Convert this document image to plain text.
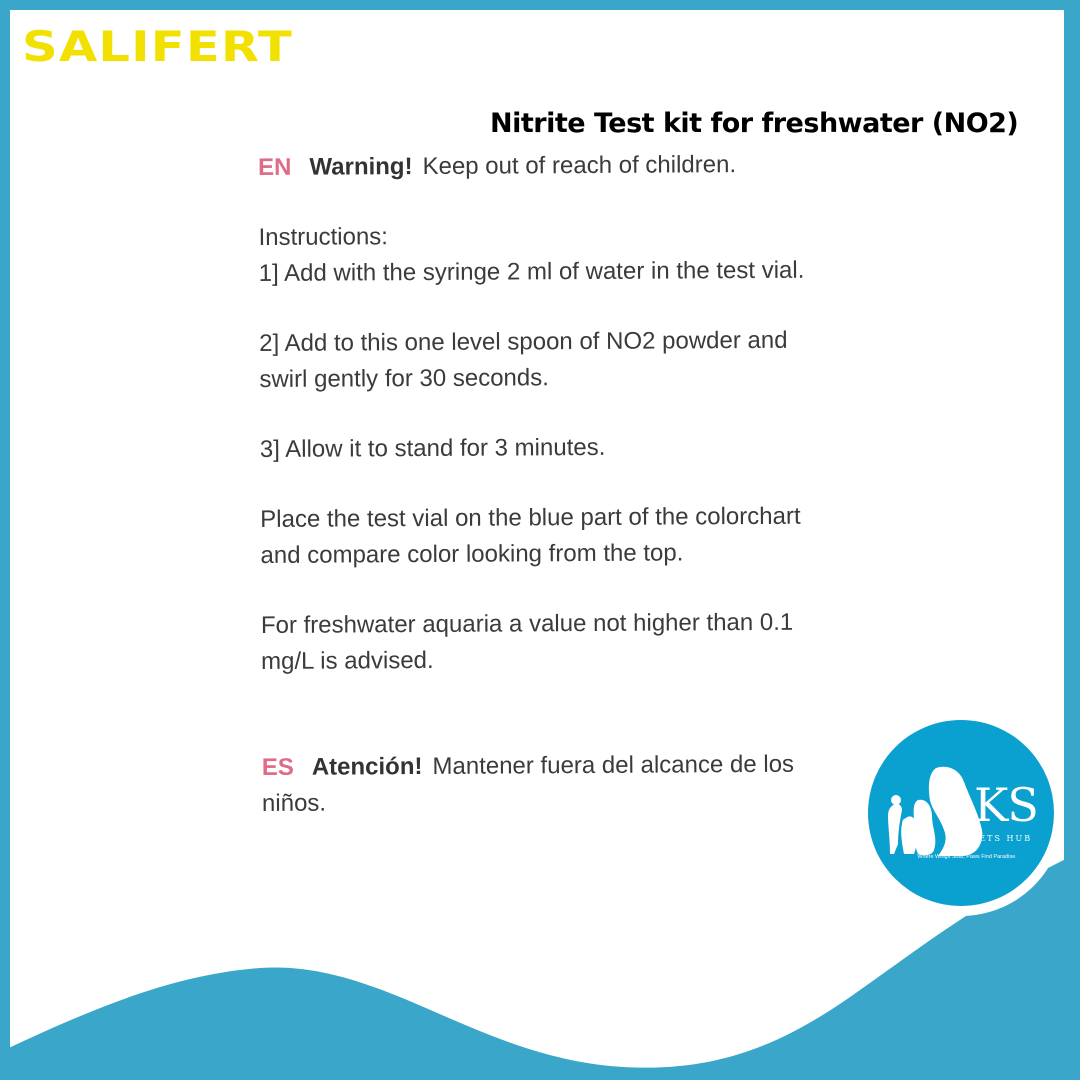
SALIFERT
Nitrite Test kit for freshwater (NO2)

EN Warning! Keep out of reach of children.

Instructions:

1] Add with the syringe 2 ml of water in the test vial.

2] Add to this one level spoon of NO2 powder and swirl gently for 30 seconds.

3] Allow it to stand for 3 minutes.

Place the test vial on the blue part of the colorchart and compare color looking from the top.

For freshwater aquaria a value not higher than 0.1 mg/L is advised.

ES Atención! Mantener fuera del alcance de los niños.	KS

PETS HUB

Where Wings Soar, Paws Find Paradise.
